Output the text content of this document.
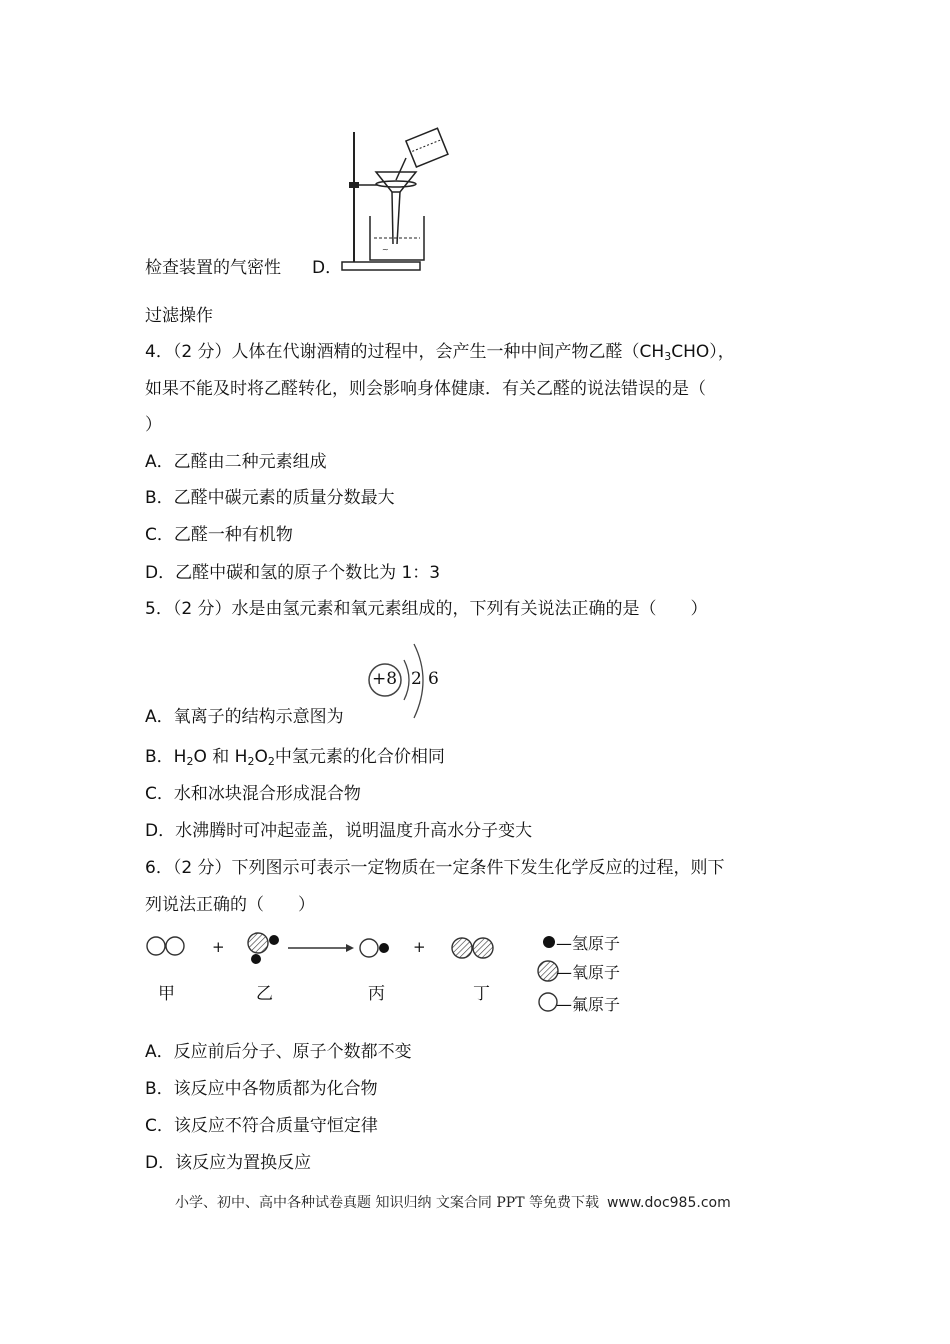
~
检查装置的气密性 D．
过滤操作
4．（2 分）人体在代谢酒精的过程中，会产生一种中间产物乙醛$(CH_3CHO)$，
如果不能及时将乙醛转化，则会影响身体健康．有关乙醛的说法错误的是（
）
A．乙醛由二种元素组成
B．乙醛中碳元素的质量分数最大
C．乙醛一种有机物
D．乙醛中碳和氢的原子个数比为 1：3
5．（2 分）水是由氢元素和氧元素组成的，下列有关说法正确的是（　　）
+8 2 6
A．氧离子的结构示意图为
B．$H_2O$ 和 $H_2O_2$中氢元素的化合价相同
C．水和冰块混合形成混合物
D．水沸腾时可冲起壶盖，说明温度升高水分子变大
6．（2 分）下列图示可表示一定物质在一定条件下发生化学反应的过程，则下
列说法正确的（　　）
+	+
甲	乙	丙	丁
—氢原子
—氧原子
—氟原子
A．反应前后分子、原子个数都不变
B．该反应中各物质都为化合物
C．该反应不符合质量守恒定律
D．该反应为置换反应
小学、初中、高中各种试卷真题 知识归纳 文案合同 PPT 等免费下载 www.doc985.com
